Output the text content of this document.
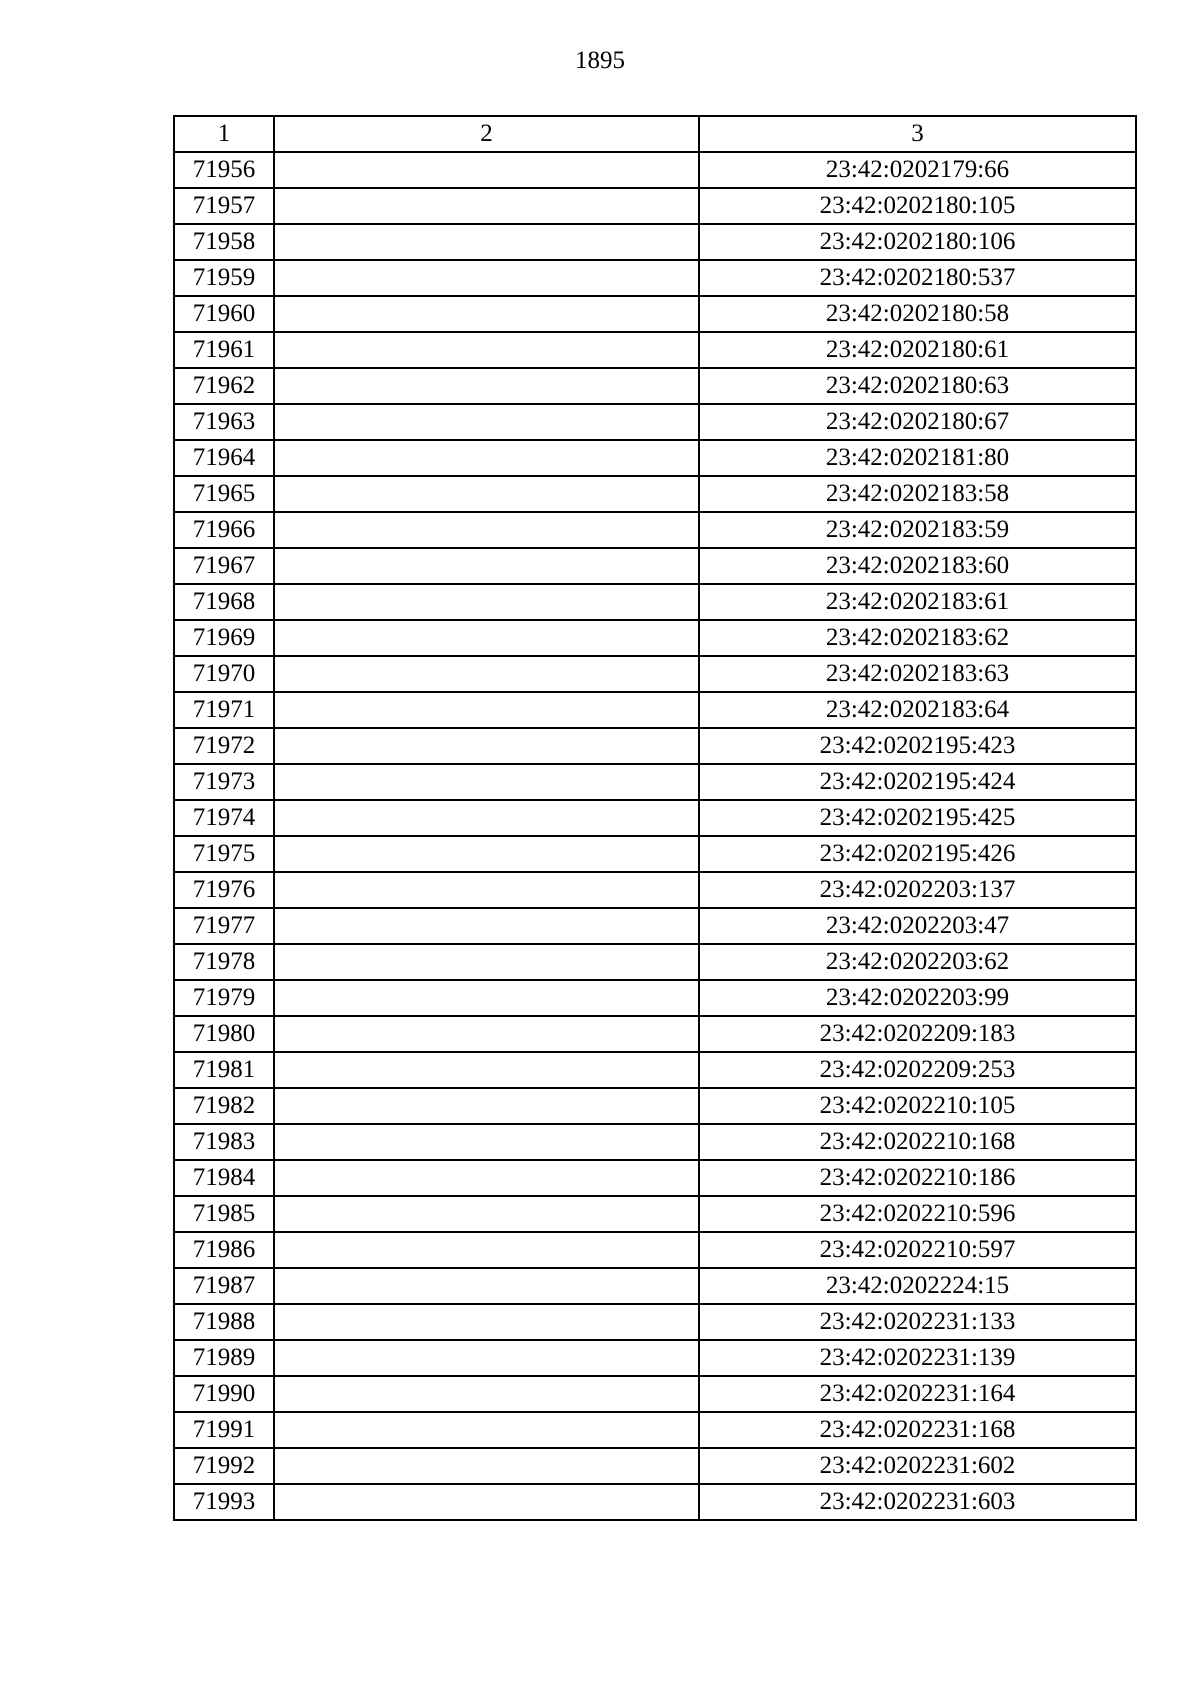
1895
1	2	3
71956		23:42:0202179:66
71957		23:42:0202180:105
71958		23:42:0202180:106
71959		23:42:0202180:537
71960		23:42:0202180:58
71961		23:42:0202180:61
71962		23:42:0202180:63
71963		23:42:0202180:67
71964		23:42:0202181:80
71965		23:42:0202183:58
71966		23:42:0202183:59
71967		23:42:0202183:60
71968		23:42:0202183:61
71969		23:42:0202183:62
71970		23:42:0202183:63
71971		23:42:0202183:64
71972		23:42:0202195:423
71973		23:42:0202195:424
71974		23:42:0202195:425
71975		23:42:0202195:426
71976		23:42:0202203:137
71977		23:42:0202203:47
71978		23:42:0202203:62
71979		23:42:0202203:99
71980		23:42:0202209:183
71981		23:42:0202209:253
71982		23:42:0202210:105
71983		23:42:0202210:168
71984		23:42:0202210:186
71985		23:42:0202210:596
71986		23:42:0202210:597
71987		23:42:0202224:15
71988		23:42:0202231:133
71989		23:42:0202231:139
71990		23:42:0202231:164
71991		23:42:0202231:168
71992		23:42:0202231:602
71993		23:42:0202231:603
